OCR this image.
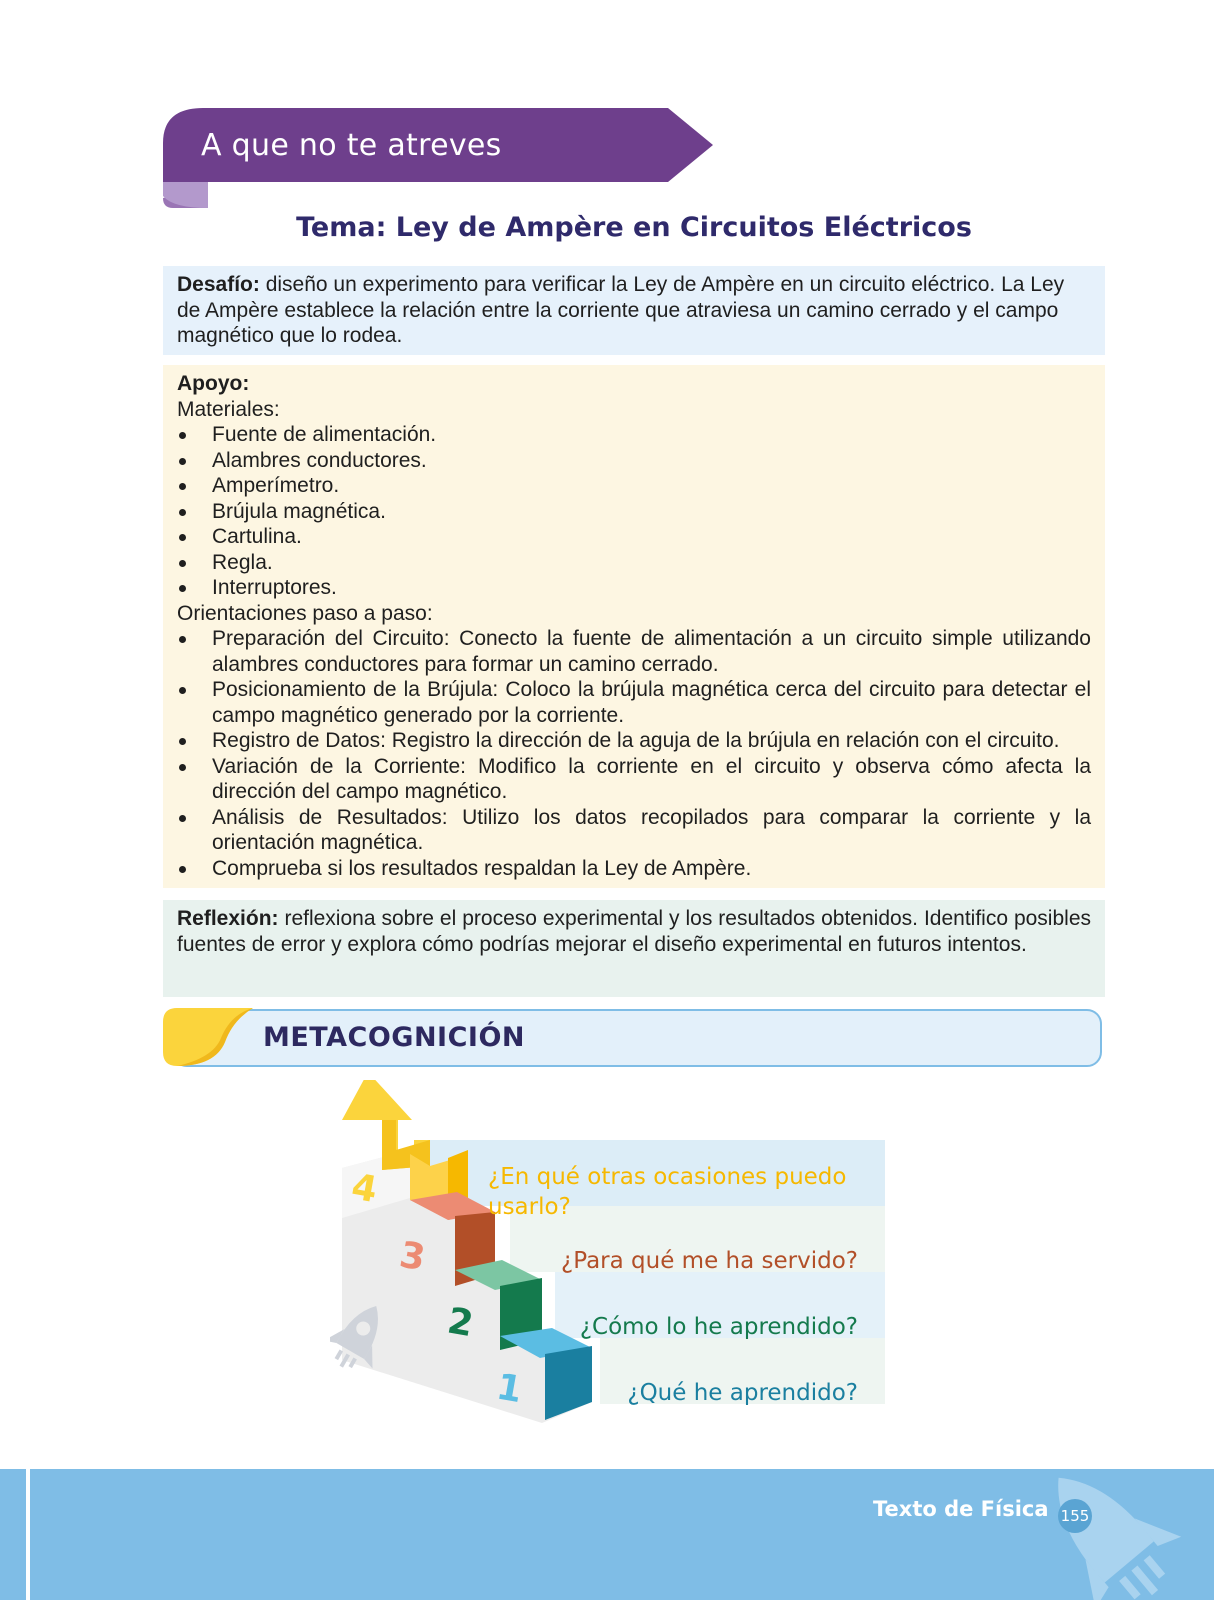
A que no te atreves
Tema: Ley de Ampère en Circuitos Eléctricos
Desafío: diseño un experimento para verificar la Ley de Ampère en un circuito eléctrico. La Ley de Ampère establece la relación entre la corriente que atraviesa un camino cerrado y el campo magnético que lo rodea.
Apoyo:
Materiales:
Fuente de alimentación.
Alambres conductores.
Amperímetro.
Brújula magnética.
Cartulina.
Regla.
Interruptores.
Orientaciones paso a paso:
Preparación del Circuito: Conecto la fuente de alimentación a un circuito simple utilizando alambres conductores para formar un camino cerrado.
Posicionamiento de la Brújula: Coloco la brújula magnética cerca del circuito para detectar el campo magnético generado por la corriente.
Registro de Datos: Registro la dirección de la aguja de la brújula en relación con el circuito.
Variación de la Corriente: Modifico la corriente en el circuito y observa cómo afecta la dirección del campo magnético.
Análisis de Resultados: Utilizo los datos recopilados para comparar la corriente y la orientación magnética.
Comprueba si los resultados respaldan la Ley de Ampère.
Reflexión: reflexiona sobre el proceso experimental y los resultados obtenidos. Identifico posibles fuentes de error y explora cómo podrías mejorar el diseño experimental en futuros intentos.
METACOGNICIÓN
4
3
2
1
¿En qué otras ocasiones puedo usarlo?
¿Para qué me ha servido?
¿Cómo lo he aprendido?
¿Qué he aprendido?
Texto de Física 155
